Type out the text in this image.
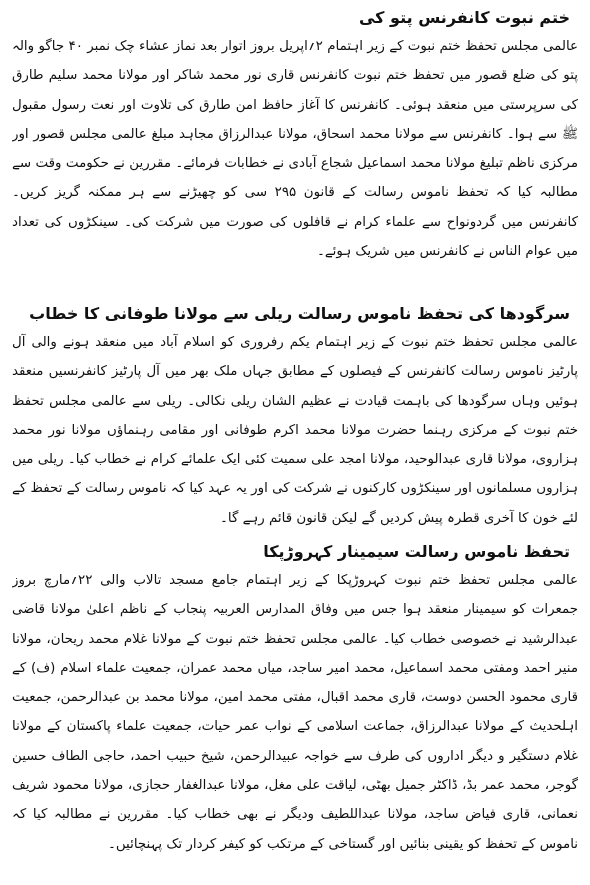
ختم نبوت کانفرنس پتو کی

عالمی مجلس تحفظ ختم نبوت کے زیر اہتمام ۲؍اپریل بروز اتوار بعد نماز عشاء چک نمبر ۴۰ جاگو والہ پتو کی ضلع قصور میں تحفظ ختم نبوت کانفرنس قاری نور محمد شاکر اور مولانا محمد سلیم طارق کی سرپرستی میں منعقد ہوئی۔ کانفرنس کا آغاز حافظ امن طارق کی تلاوت اور نعت رسول مقبول ﷺ سے ہوا۔ کانفرنس سے مولانا محمد اسحاق، مولانا عبدالرزاق مجاہد مبلغ عالمی مجلس قصور اور مرکزی ناظم تبلیغ مولانا محمد اسماعیل شجاع آبادی نے خطابات فرمائے۔ مقررین نے حکومت وقت سے مطالبہ کیا کہ تحفظ ناموس رسالت کے قانون ۲۹۵ سی کو چھیڑنے سے ہر ممکنہ گریز کریں۔ کانفرنس میں گردونواح سے علماء کرام نے قافلوں کی صورت میں شرکت کی۔ سینکڑوں کی تعداد میں عوام الناس نے کانفرنس میں شریک ہوئے۔

سرگودھا کی تحفظ ناموس رسالت ریلی سے مولانا طوفانی کا خطاب

عالمی مجلس تحفظ ختم نبوت کے زیر اہتمام یکم رفروری کو اسلام آباد میں منعقد ہونے والی آل پارٹیز ناموس رسالت کانفرنس کے فیصلوں کے مطابق جہاں ملک بھر میں آل پارٹیز کانفرنسیں منعقد ہوئیں وہاں سرگودھا کی باہمت قیادت نے عظیم الشان ریلی نکالی۔ ریلی سے عالمی مجلس تحفظ ختم نبوت کے مرکزی رہنما حضرت مولانا محمد اکرم طوفانی اور مقامی رہنماؤں مولانا نور محمد ہزاروی، مولانا قاری عبدالوحید، مولانا امجد علی سمیت کئی ایک علمائے کرام نے خطاب کیا۔ ریلی میں ہزاروں مسلمانوں اور سینکڑوں کارکنوں نے شرکت کی اور یہ عہد کیا کہ ناموس رسالت کے تحفظ کے لئے خون کا آخری قطرہ پیش کردیں گے لیکن قانون قائم رہے گا۔

تحفظ ناموس رسالت سیمینار کہروڑپکا

عالمی مجلس تحفظ ختم نبوت کہروڑپکا کے زیر اہتمام جامع مسجد تالاب والی ۲۲؍مارچ بروز جمعرات کو سیمینار منعقد ہوا جس میں وفاق المدارس العربیہ پنجاب کے ناظم اعلیٰ مولانا قاضی عبدالرشید نے خصوصی خطاب کیا۔ عالمی مجلس تحفظ ختم نبوت کے مولانا غلام محمد ریحان، مولانا منیر احمد ومفتی محمد اسماعیل، محمد امیر ساجد، میاں محمد عمران، جمعیت علماء اسلام (ف) کے قاری محمود الحسن دوست، قاری محمد اقبال، مفتی محمد امین، مولانا محمد بن عبدالرحمن، جمعیت اہلحدیث کے مولانا عبدالرزاق، جماعت اسلامی کے نواب عمر حیات، جمعیت علماء پاکستان کے مولانا غلام دستگیر و دیگر اداروں کی طرف سے خواجہ عبیدالرحمن، شیخ حبیب احمد، حاجی الطاف حسین گوجر، محمد عمر بڈ، ڈاکٹر جمیل بھٹی، لیاقت علی مغل، مولانا عبدالغفار حجازی، مولانا محمود شریف نعمانی، قاری فیاض ساجد، مولانا عبداللطیف ودیگر نے بھی خطاب کیا۔ مقررین نے مطالبہ کیا کہ ناموس کے تحفظ کو یقینی بنائیں اور گستاخی کے مرتکب کو کیفر کردار تک پہنچائیں۔
